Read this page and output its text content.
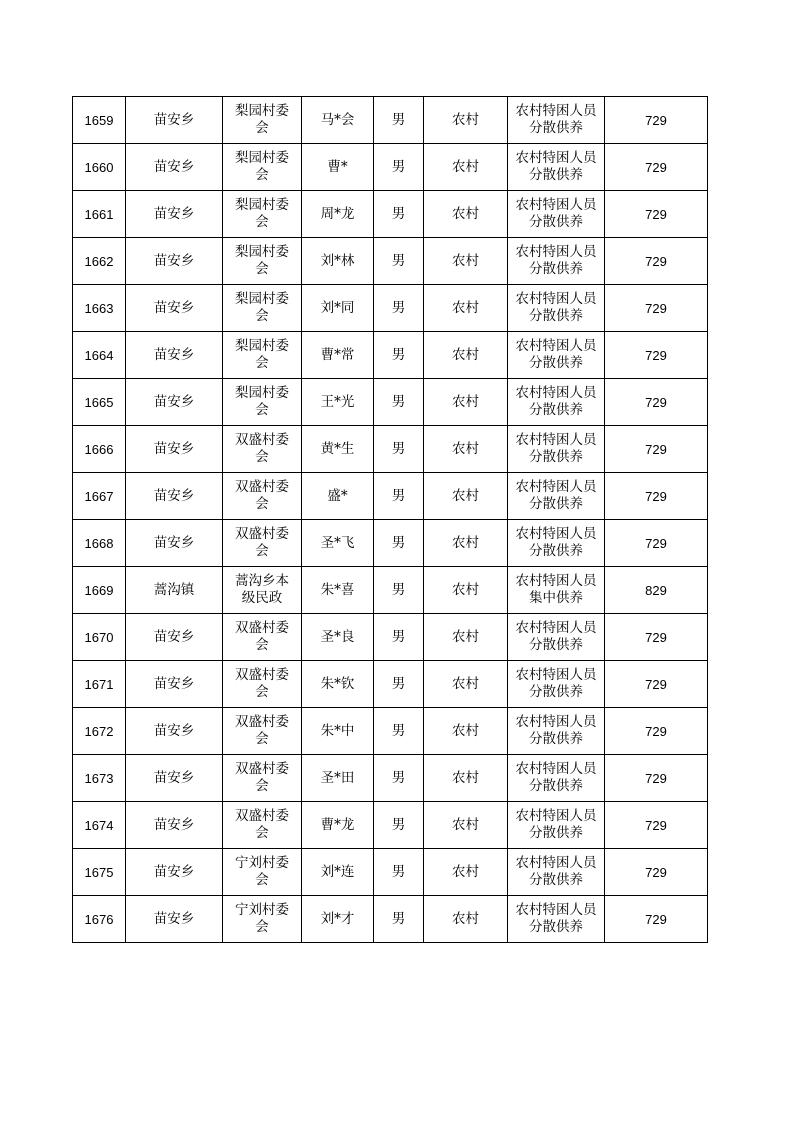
1659	苗安乡	梨园村委会	马*会	男	农村	农村特困人员分散供养	729
1660	苗安乡	梨园村委会	曹*	男	农村	农村特困人员分散供养	729
1661	苗安乡	梨园村委会	周*龙	男	农村	农村特困人员分散供养	729
1662	苗安乡	梨园村委会	刘*林	男	农村	农村特困人员分散供养	729
1663	苗安乡	梨园村委会	刘*同	男	农村	农村特困人员分散供养	729
1664	苗安乡	梨园村委会	曹*常	男	农村	农村特困人员分散供养	729
1665	苗安乡	梨园村委会	王*光	男	农村	农村特困人员分散供养	729
1666	苗安乡	双盛村委会	黄*生	男	农村	农村特困人员分散供养	729
1667	苗安乡	双盛村委会	盛*	男	农村	农村特困人员分散供养	729
1668	苗安乡	双盛村委会	圣*飞	男	农村	农村特困人员分散供养	729
1669	蒿沟镇	蒿沟乡本级民政	朱*喜	男	农村	农村特困人员集中供养	829
1670	苗安乡	双盛村委会	圣*良	男	农村	农村特困人员分散供养	729
1671	苗安乡	双盛村委会	朱*钦	男	农村	农村特困人员分散供养	729
1672	苗安乡	双盛村委会	朱*中	男	农村	农村特困人员分散供养	729
1673	苗安乡	双盛村委会	圣*田	男	农村	农村特困人员分散供养	729
1674	苗安乡	双盛村委会	曹*龙	男	农村	农村特困人员分散供养	729
1675	苗安乡	宁刘村委会	刘*连	男	农村	农村特困人员分散供养	729
1676	苗安乡	宁刘村委会	刘*才	男	农村	农村特困人员分散供养	729
